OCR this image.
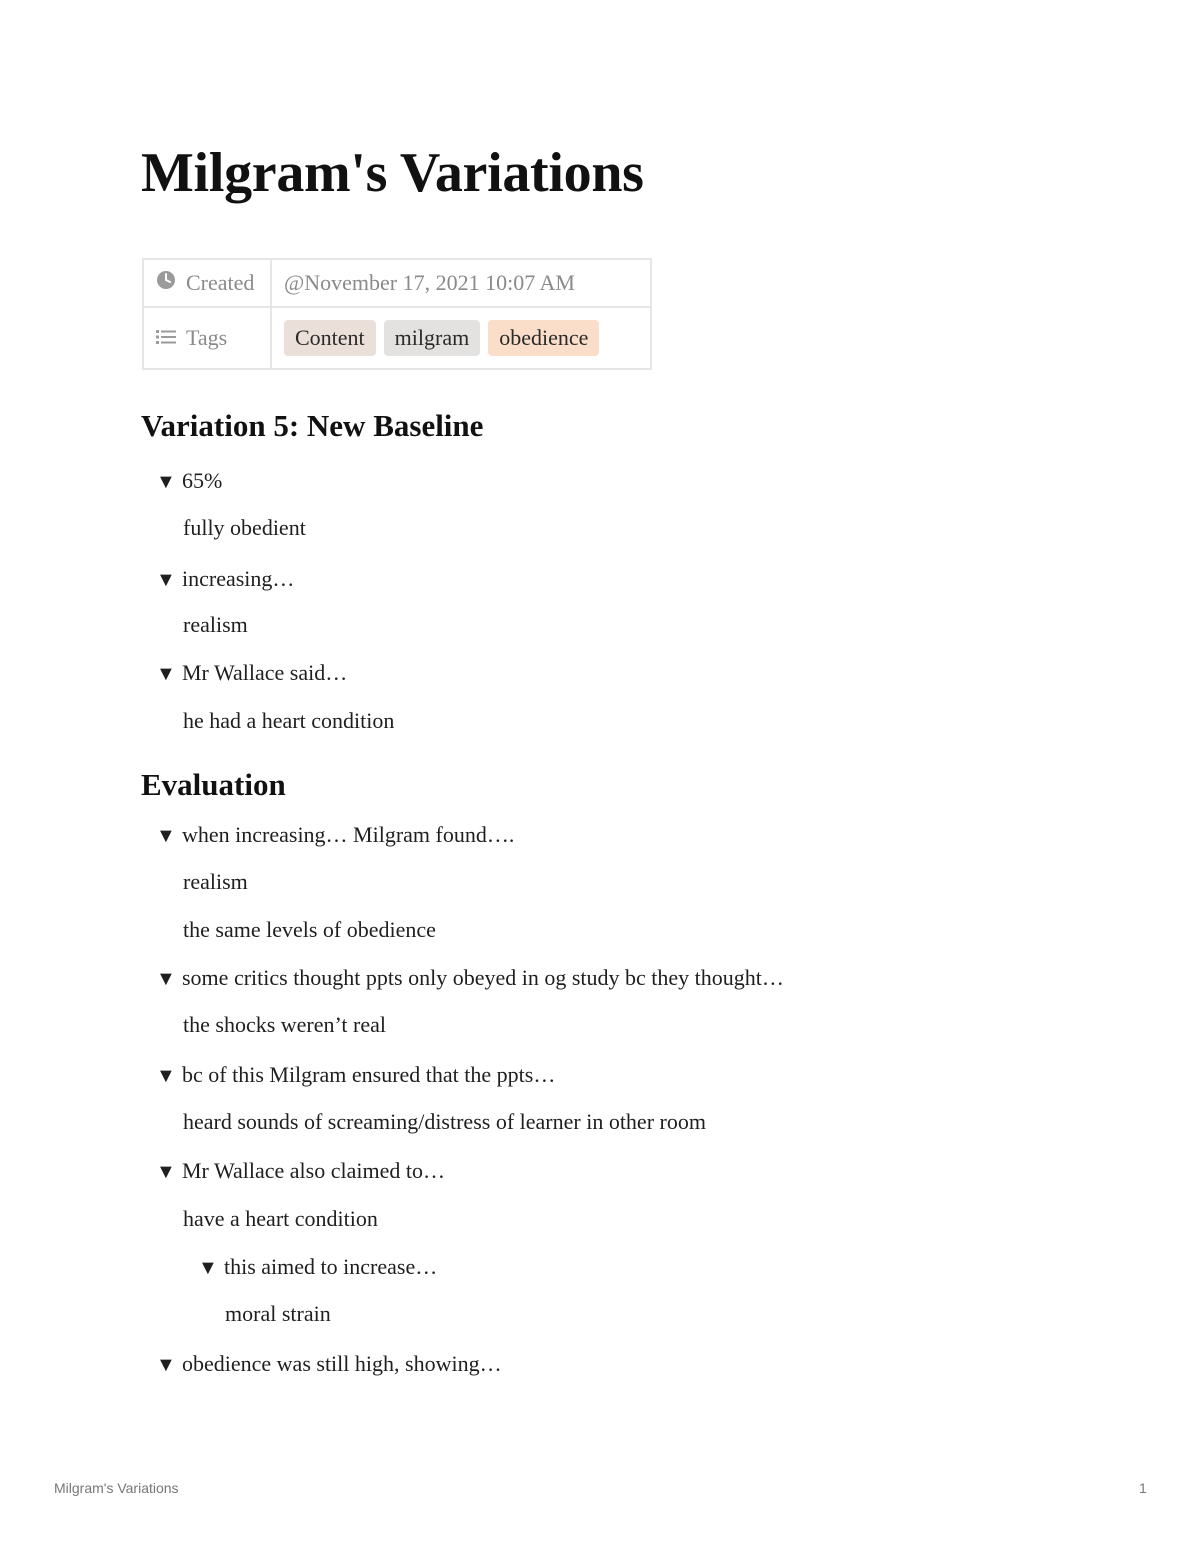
Milgram's Variations
Created	@November 17, 2021 10:07 AM

Tags	Content milgram obedience
Variation 5: New Baseline
▼ 65%
fully obedient
▼ increasing…
realism
▼ Mr Wallace said…
he had a heart condition
Evaluation
▼ when increasing… Milgram found….
realism
the same levels of obedience
▼ some critics thought ppts only obeyed in og study bc they thought…
the shocks weren’t real
▼ bc of this Milgram ensured that the ppts…
heard sounds of screaming/distress of learner in other room
▼ Mr Wallace also claimed to…
have a heart condition
▼ this aimed to increase…
moral strain
▼ obedience was still high, showing…
Milgram's Variations	1
